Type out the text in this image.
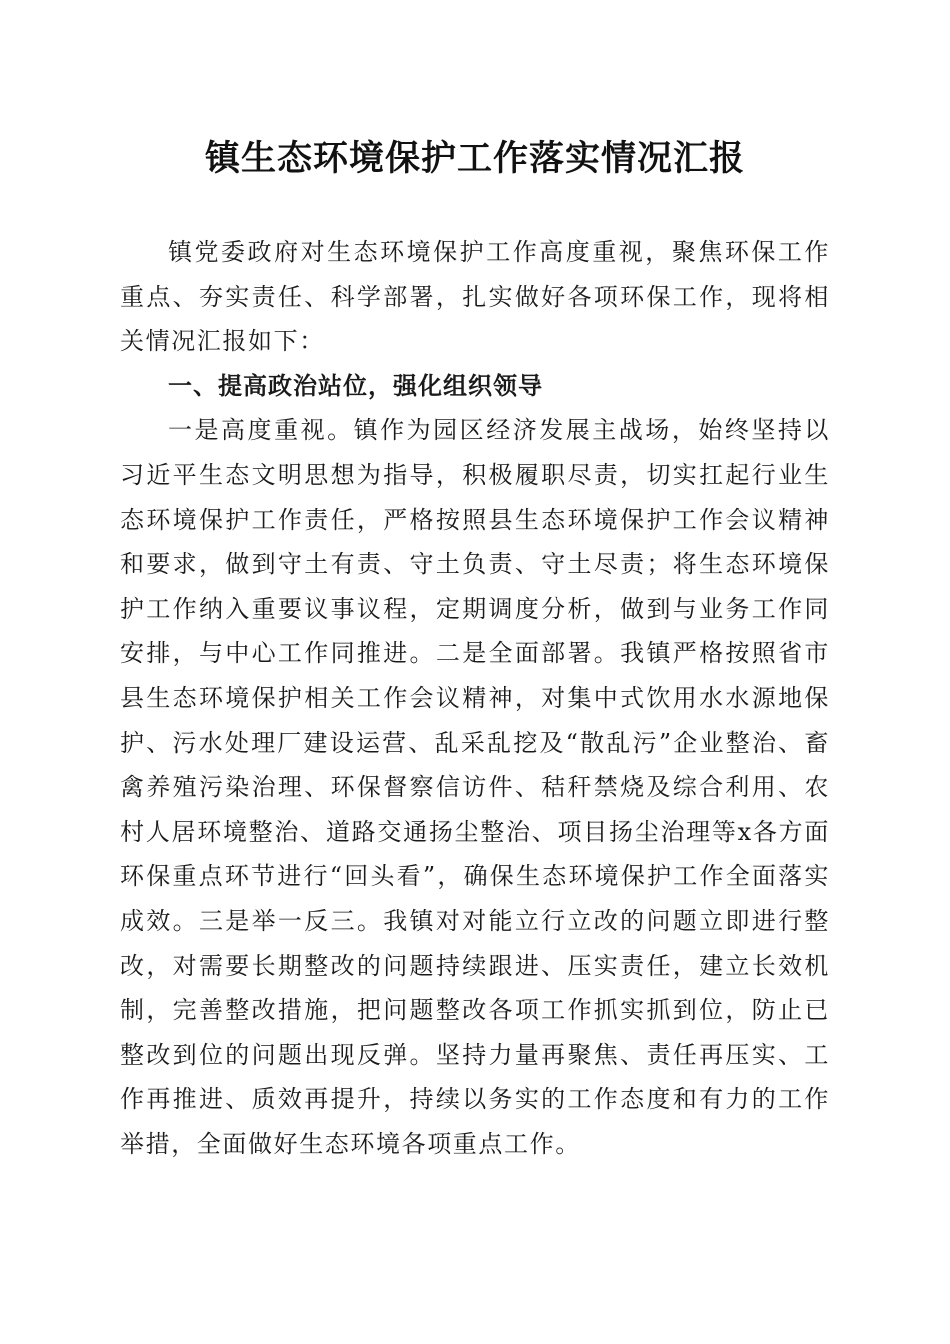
镇生态环境保护工作落实情况汇报

镇党委政府对生态环境保护工作高度重视，聚焦环保工作重点、夯实责任、科学部署，扎实做好各项环保工作，现将相关情况汇报如下：

一、提高政治站位，强化组织领导

一是高度重视。镇作为园区经济发展主战场，始终坚持以习近平生态文明思想为指导，积极履职尽责，切实扛起行业生态环境保护工作责任，严格按照县生态环境保护工作会议精神和要求，做到守土有责、守土负责、守土尽责；将生态环境保护工作纳入重要议事议程，定期调度分析，做到与业务工作同安排，与中心工作同推进。二是全面部署。我镇严格按照省市县生态环境保护相关工作会议精神，对集中式饮用水水源地保护、污水处理厂建设运营、乱采乱挖及“散乱污”企业整治、畜禽养殖污染治理、环保督察信访件、秸秆禁烧及综合利用、农村人居环境整治、道路交通扬尘整治、项目扬尘治理等x各方面环保重点环节进行“回头看”，确保生态环境保护工作全面落实成效。三是举一反三。我镇对对能立行立改的问题立即进行整改，对需要长期整改的问题持续跟进、压实责任，建立长效机制，完善整改措施，把问题整改各项工作抓实抓到位，防止已整改到位的问题出现反弹。坚持力量再聚焦、责任再压实、工作再推进、质效再提升，持续以务实的工作态度和有力的工作举措，全面做好生态环境各项重点工作。
